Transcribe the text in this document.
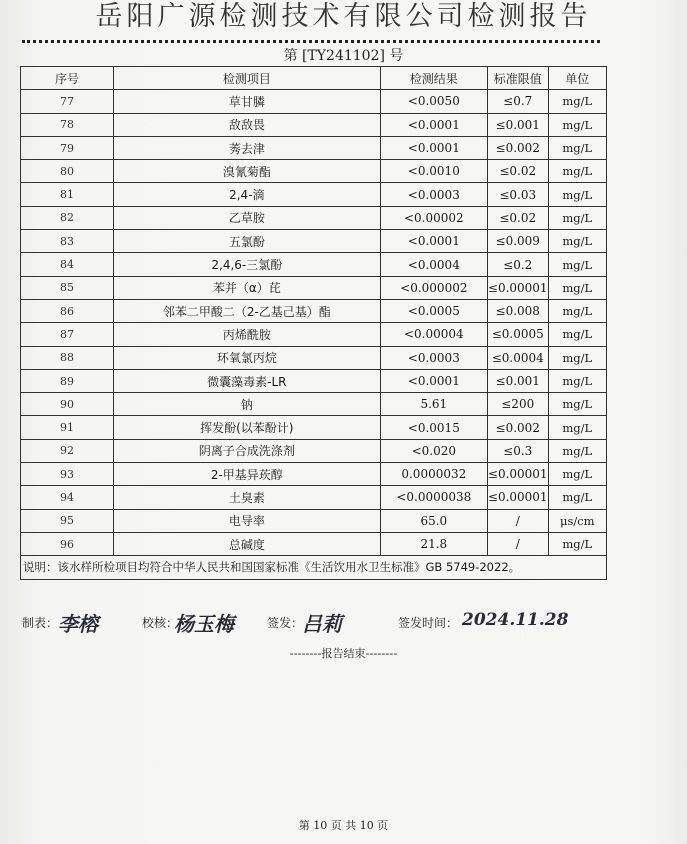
岳阳广源检测技术有限公司检测报告
第 [TY241102] 号
序号	检测项目	检测结果	标准限值	单位
77	草甘膦	<0.0050	≤0.7	mg/L
78	敌敌畏	<0.0001	≤0.001	mg/L
79	莠去津	<0.0001	≤0.002	mg/L
80	溴氰菊酯	<0.0010	≤0.02	mg/L
81	2,4-滴	<0.0003	≤0.03	mg/L
82	乙草胺	<0.00002	≤0.02	mg/L
83	五氯酚	<0.0001	≤0.009	mg/L
84	2,4,6-三氯酚	<0.0004	≤0.2	mg/L
85	苯并（α）芘	<0.000002	≤0.00001	mg/L
86	邻苯二甲酸二（2-乙基己基）酯	<0.0005	≤0.008	mg/L
87	丙烯酰胺	<0.00004	≤0.0005	mg/L
88	环氧氯丙烷	<0.0003	≤0.0004	mg/L
89	微囊藻毒素-LR	<0.0001	≤0.001	mg/L
90	钠	5.61	≤200	mg/L
91	挥发酚(以苯酚计)	<0.0015	≤0.002	mg/L
92	阴离子合成洗涤剂	<0.020	≤0.3	mg/L
93	2-甲基异莰醇	0.0000032	≤0.00001	mg/L
94	土臭素	<0.0000038	≤0.00001	mg/L
95	电导率	65.0	/	μs/cm
96	总碱度	21.8	/	mg/L
说明：该水样所检项目均符合中华人民共和国国家标准《生活饮用水卫生标准》GB 5749-2022。				
制表： 李榕	校核：
杨玉梅	签发：
吕莉	签发时间： 2024.11.28
--------报告结束--------
第 10 页 共 10 页
